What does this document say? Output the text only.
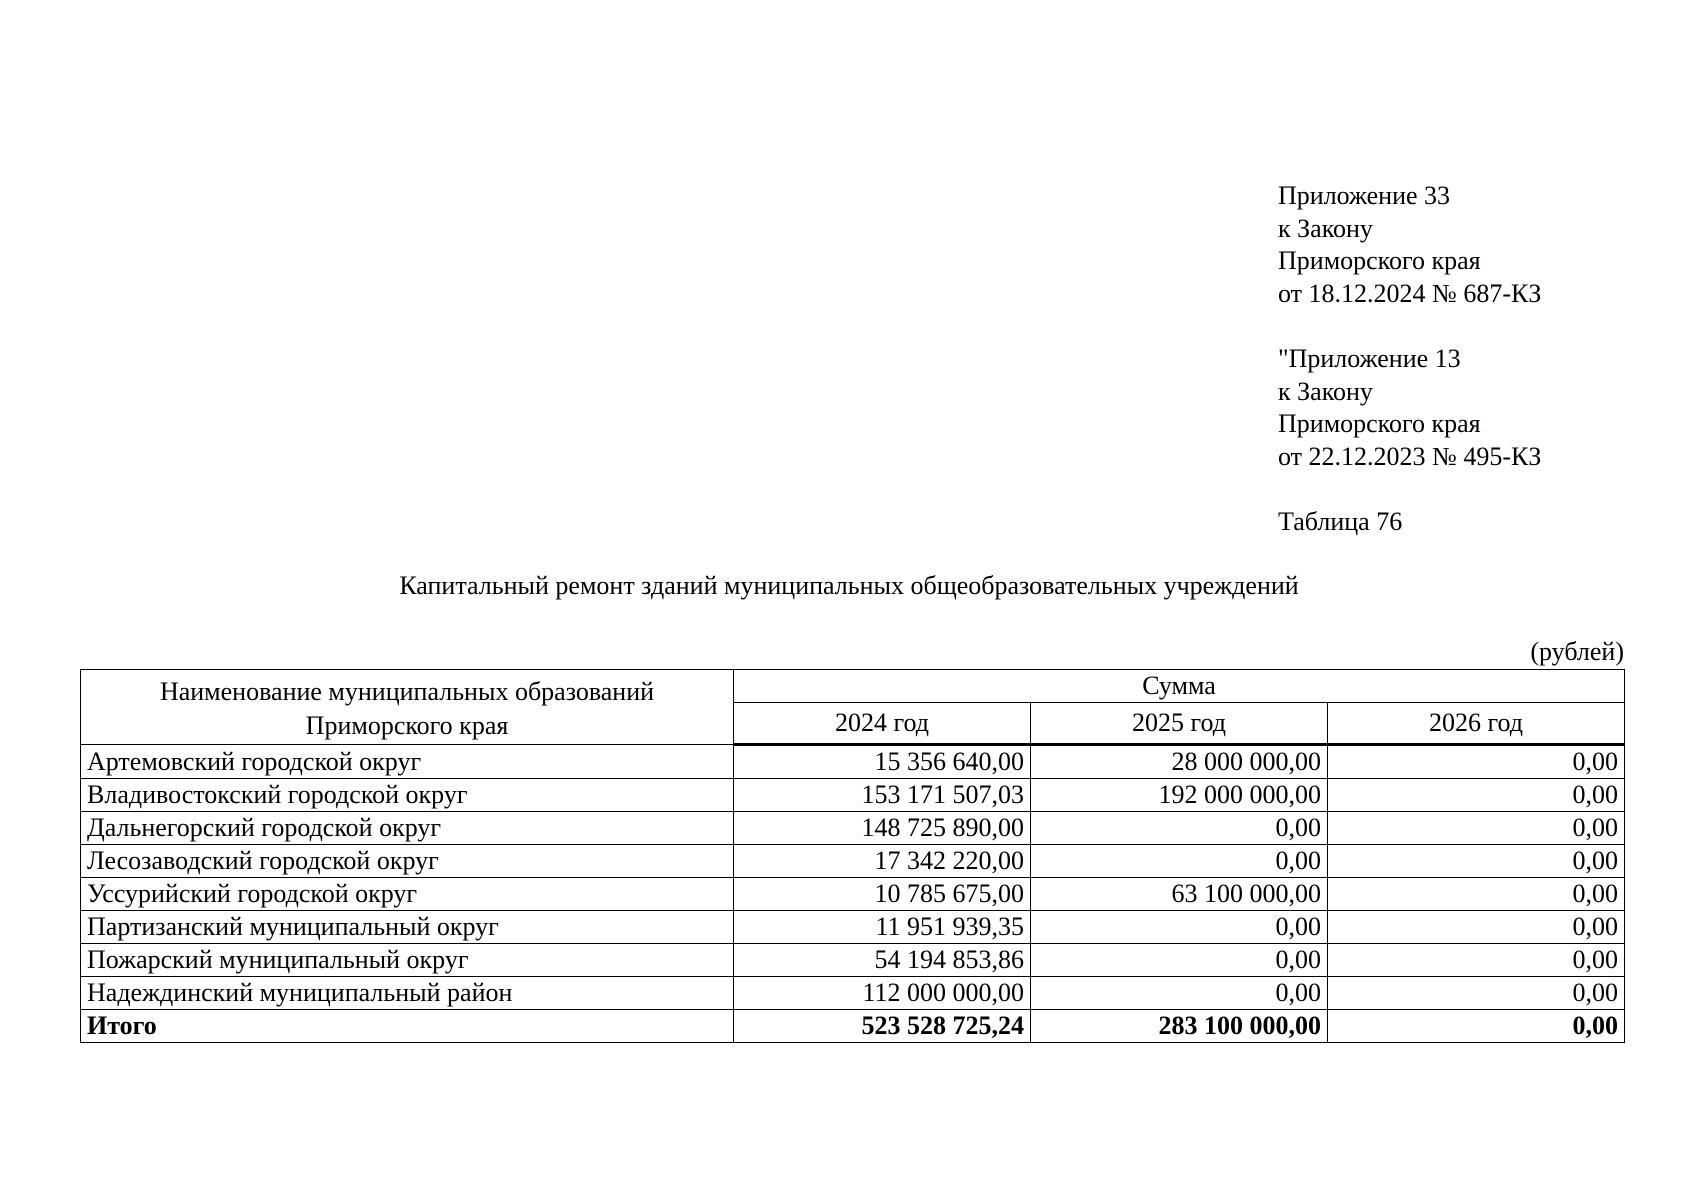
Приложение 33
к Закону
Приморского края
от 18.12.2024 № 687-КЗ
"Приложение 13
к Закону
Приморского края
от 22.12.2023 № 495-КЗ
Таблица 76
Капитальный ремонт зданий муниципальных общеобразовательных учреждений
(рублей)
Наименование муниципальных образований
Приморского края	Сумма		
	2024 год	2025 год	2026 год
Артемовский городской округ	15 356 640,00	28 000 000,00	0,00
Владивостокский городской округ	153 171 507,03	192 000 000,00	0,00
Дальнегорский городской округ	148 725 890,00	0,00	0,00
Лесозаводский городской округ	17 342 220,00	0,00	0,00
Уссурийский городской округ	10 785 675,00	63 100 000,00	0,00
Партизанский муниципальный округ	11 951 939,35	0,00	0,00
Пожарский муниципальный округ	54 194 853,86	0,00	0,00
Надеждинский муниципальный район	112 000 000,00	0,00	0,00
Итого	523 528 725,24	283 100 000,00	0,00
